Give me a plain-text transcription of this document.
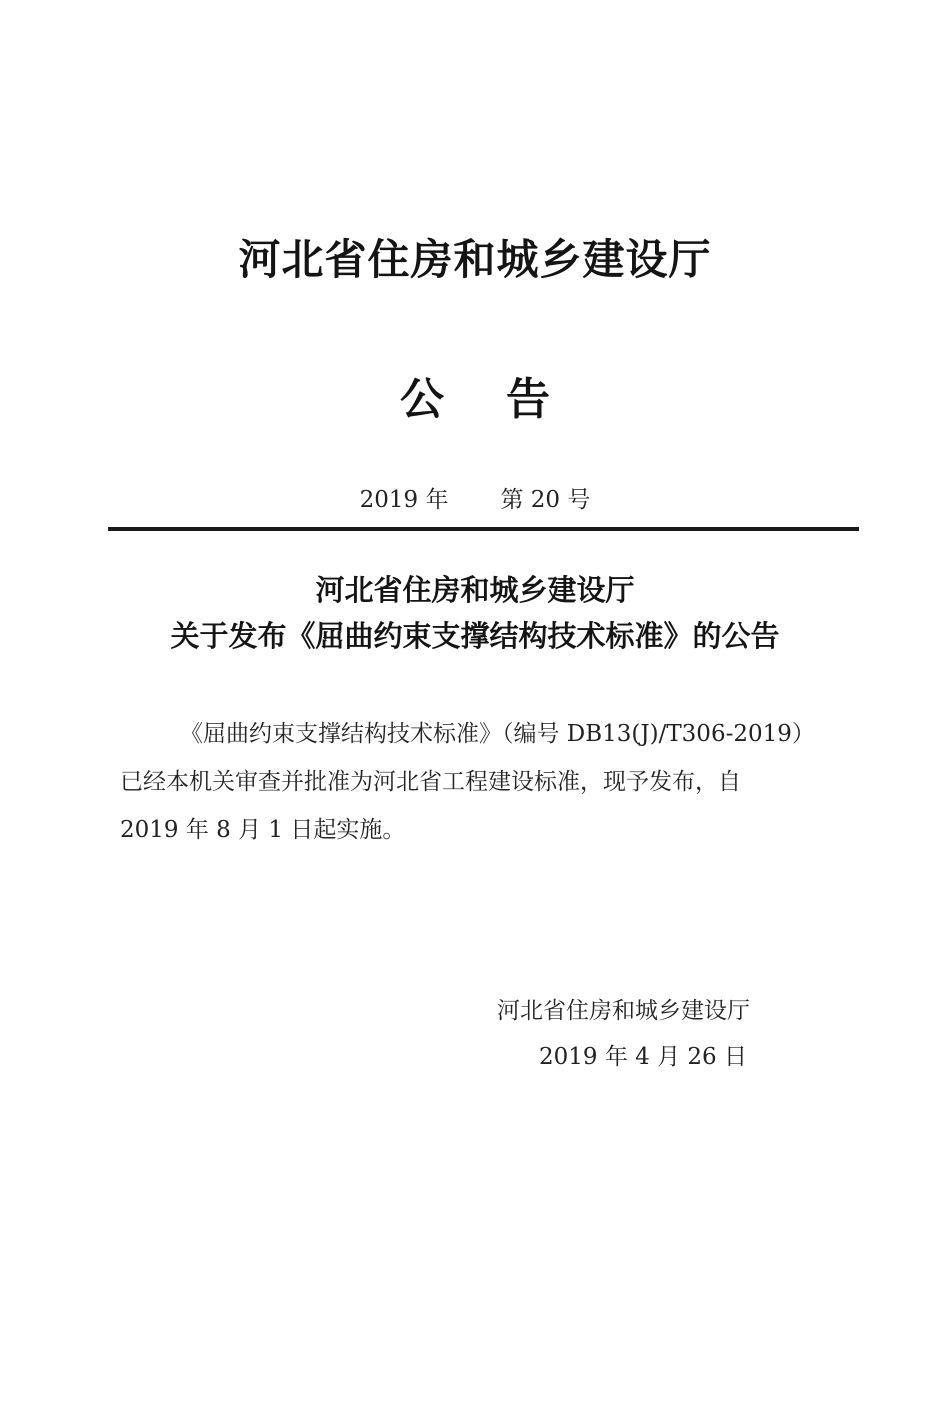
河北省住房和城乡建设厅
公告
2019 年 第 20 号
河北省住房和城乡建设厅
关于发布《屈曲约束支撑结构技术标准》的公告
《屈曲约束支撑结构技术标准》（编号 DB13(J)/T306-2019）
已经本机关审查并批准为河北省工程建设标准，现予发布，自
2019 年 8 月 1 日起实施。
河北省住房和城乡建设厅
2019 年 4 月 26 日
